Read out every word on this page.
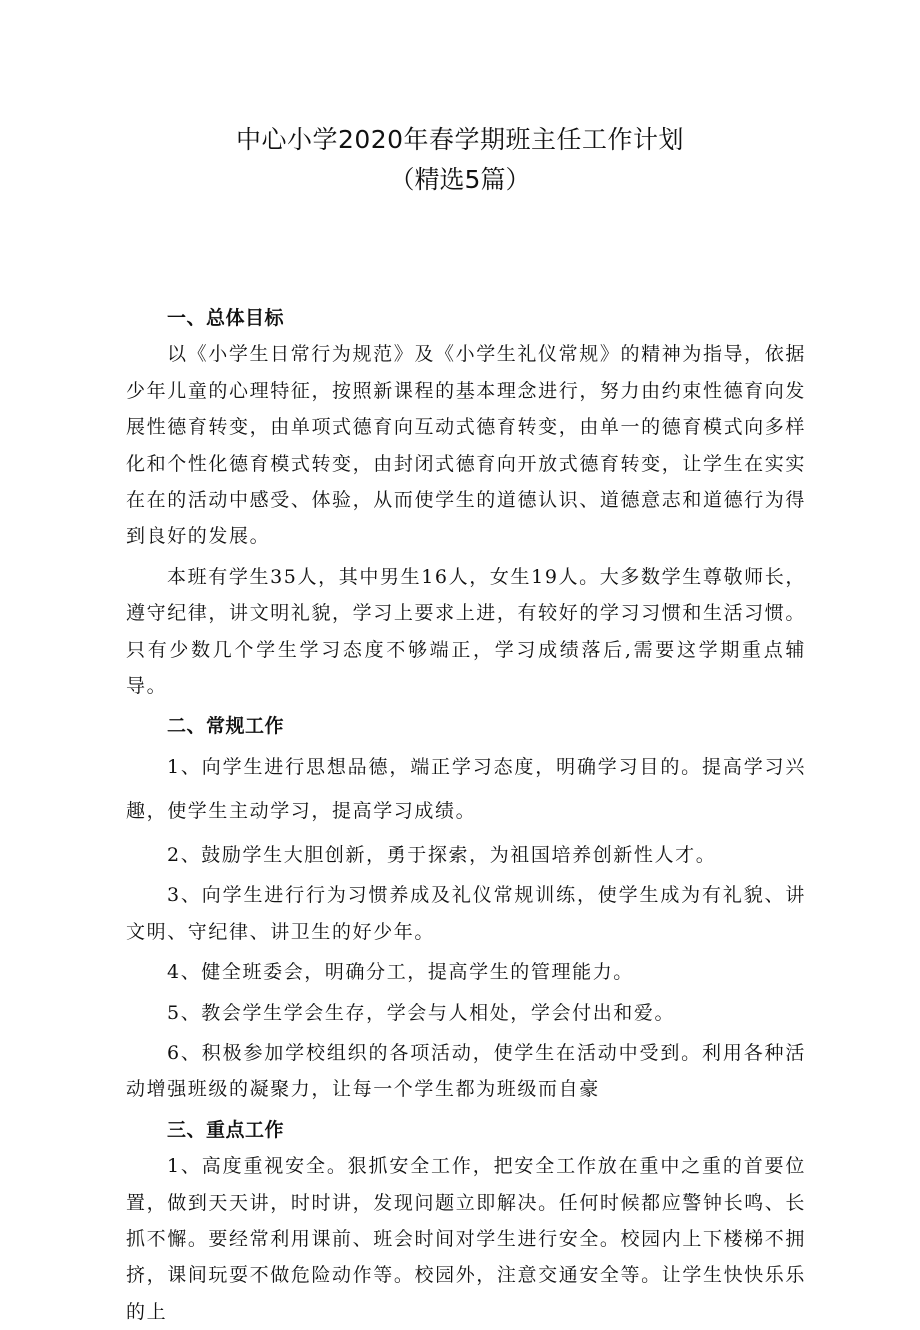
中心小学2020年春学期班主任工作计划

（精选5篇）

一、总体目标

以《小学生日常行为规范》及《小学生礼仪常规》的精神为指导，依据少年儿童的心理特征，按照新课程的基本理念进行，努力由约束性德育向发展性德育转变，由单项式德育向互动式德育转变，由单一的德育模式向多样化和个性化德育模式转变，由封闭式德育向开放式德育转变，让学生在实实在在的活动中感受、体验，从而使学生的道德认识、道德意志和道德行为得到良好的发展。

本班有学生35人，其中男生16人，女生19人。大多数学生尊敬师长，遵守纪律，讲文明礼貌，学习上要求上进，有较好的学习习惯和生活习惯。只有少数几个学生学习态度不够端正，学习成绩落后,需要这学期重点辅导。

二、常规工作

1、向学生进行思想品德，端正学习态度，明确学习目的。提高学习兴趣，使学生主动学习，提高学习成绩。

2、鼓励学生大胆创新，勇于探索，为祖国培养创新性人才。

3、向学生进行行为习惯养成及礼仪常规训练，使学生成为有礼貌、讲文明、守纪律、讲卫生的好少年。

4、健全班委会，明确分工，提高学生的管理能力。

5、教会学生学会生存，学会与人相处，学会付出和爱。

6、积极参加学校组织的各项活动，使学生在活动中受到。利用各种活动增强班级的凝聚力，让每一个学生都为班级而自豪

三、重点工作

1、高度重视安全。狠抓安全工作，把安全工作放在重中之重的首要位置，做到天天讲，时时讲，发现问题立即解决。任何时候都应警钟长鸣、长抓不懈。要经常利用课前、班会时间对学生进行安全。校园内上下楼梯不拥挤，课间玩耍不做危险动作等。校园外，注意交通安全等。让学生快快乐乐的上
